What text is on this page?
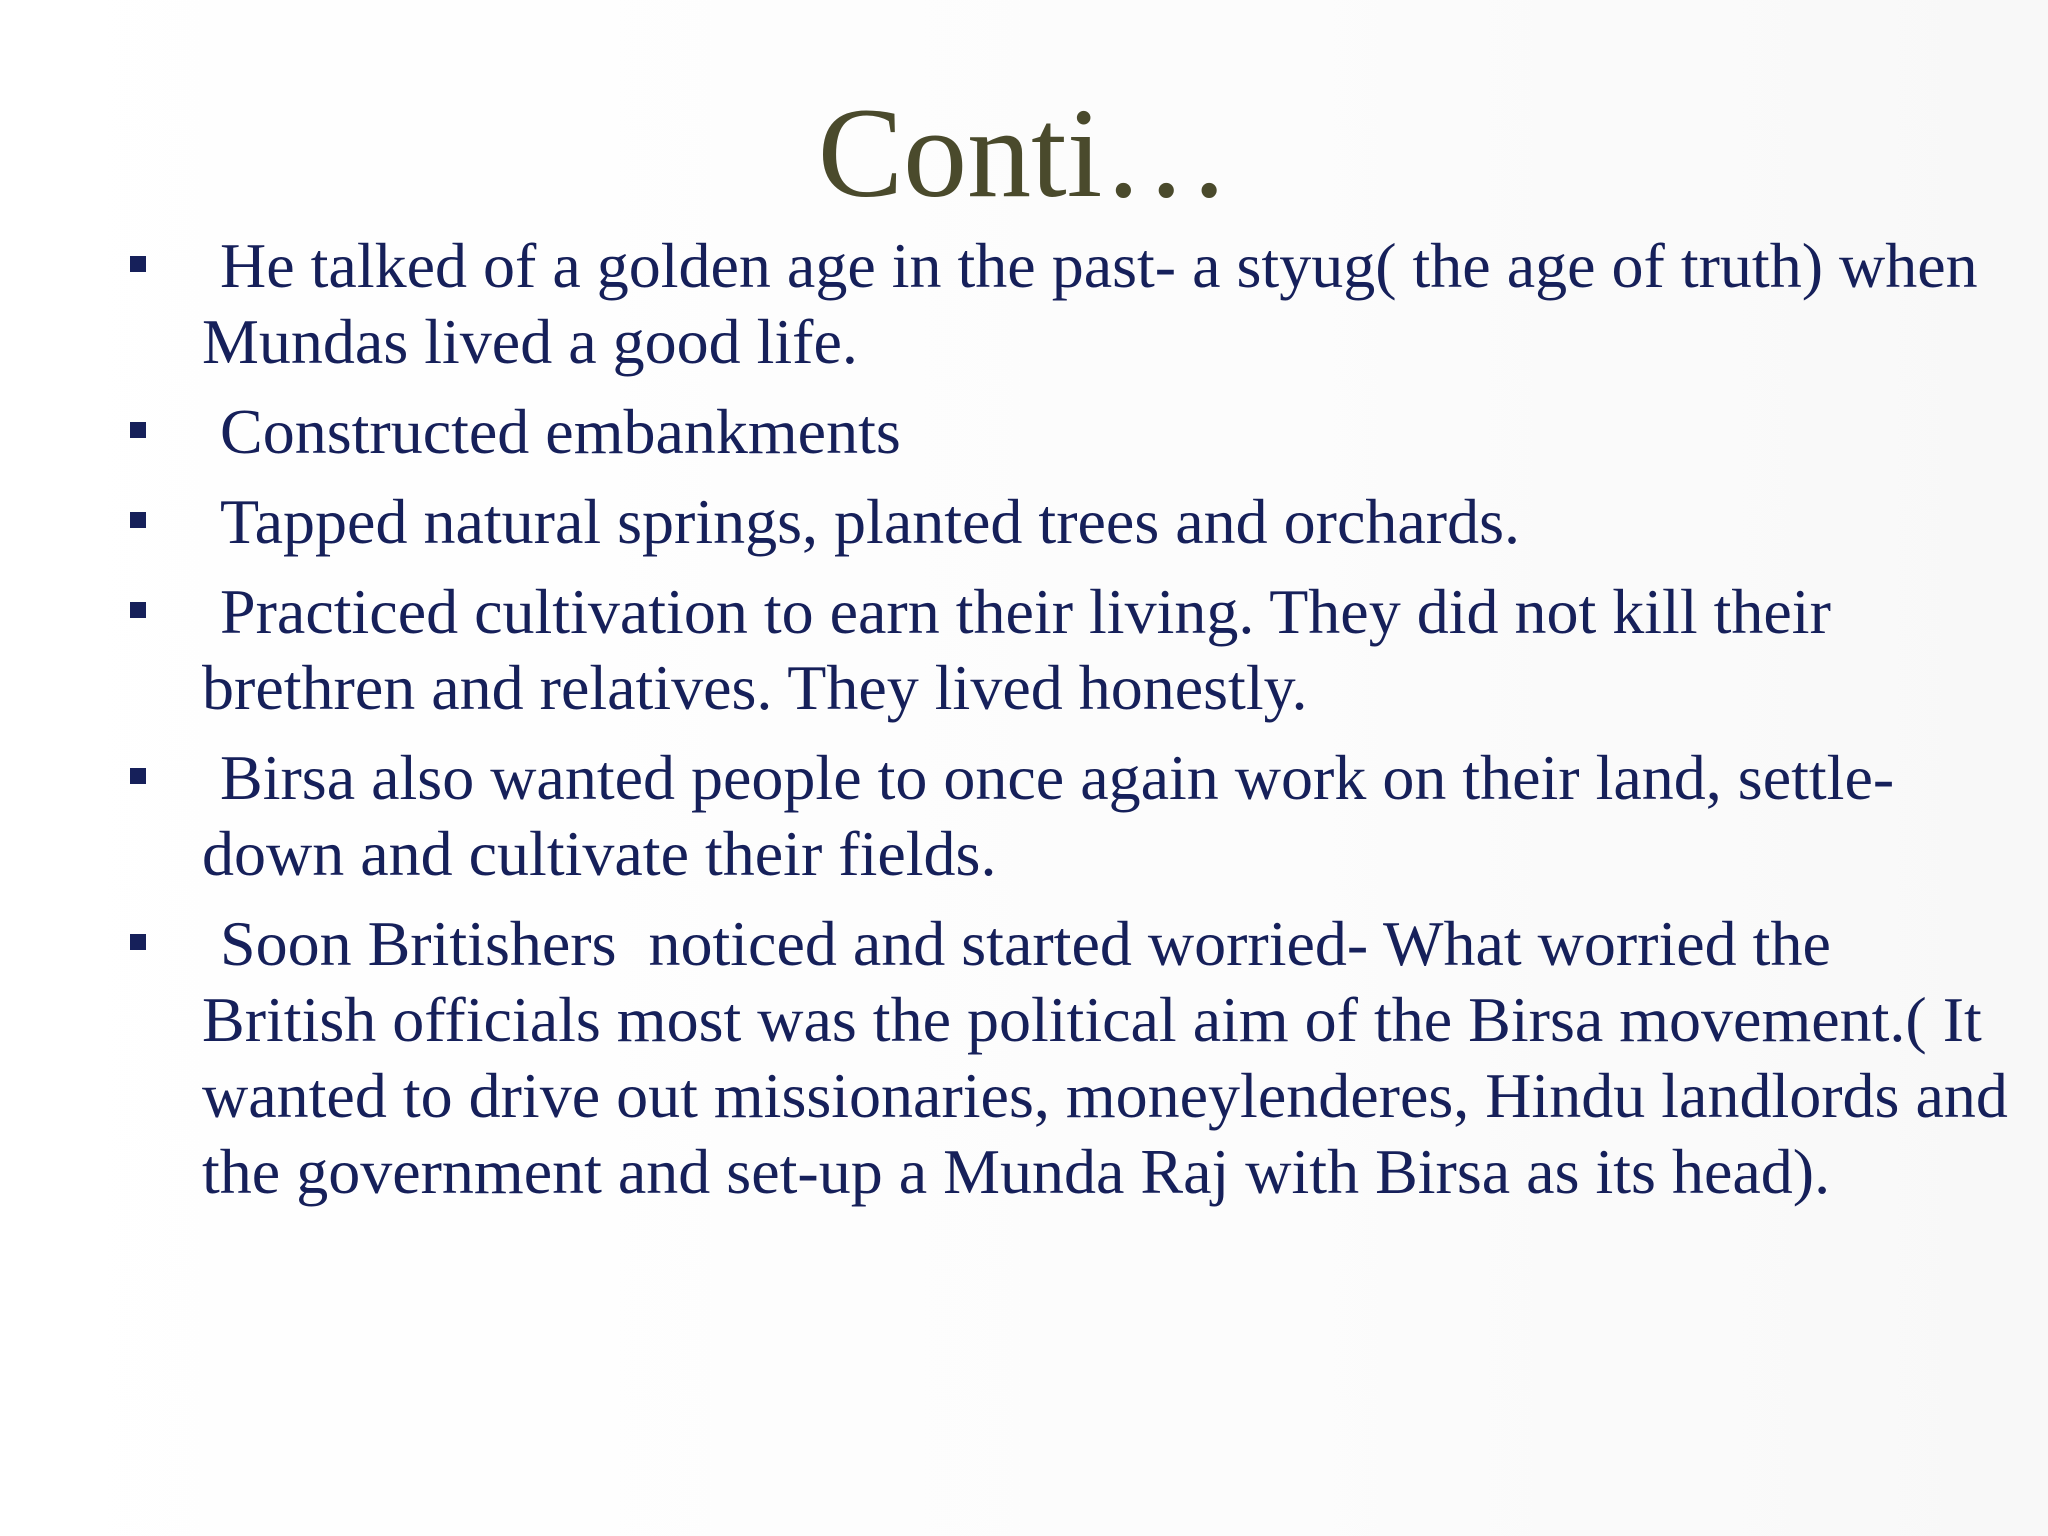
Conti…
He talked of a golden age in the past- a styug( the age of truth) when Mundas lived a good life.
Constructed embankments
Tapped natural springs, planted trees and orchards.
Practiced cultivation to earn their living. They did not kill their brethren and relatives. They lived honestly.
Birsa also wanted people to once again work on their land, settle-down and cultivate their fields.
Soon Britishers  noticed and started worried- What worried the British officials most was the political aim of the Birsa movement.( It wanted to drive out missionaries, moneylenderes, Hindu landlords and the government and set-up a Munda Raj with Birsa as its head).
